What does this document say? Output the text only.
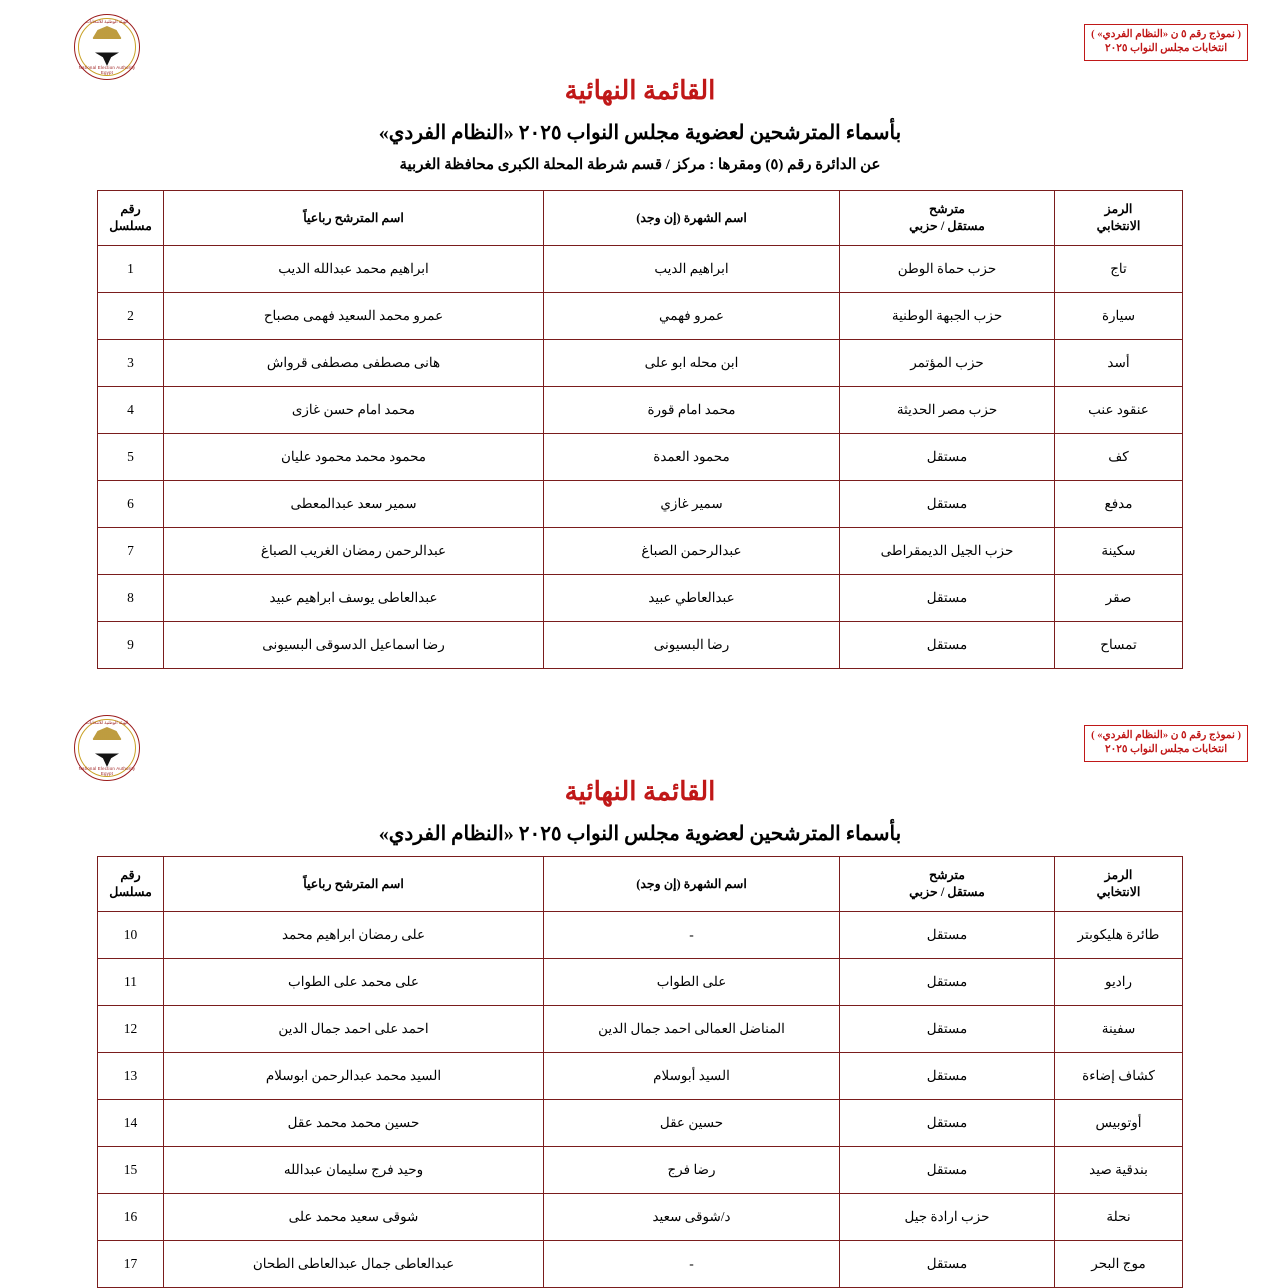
( نموذج رقم ٥ ن «النظام الفردي» )
انتخابات مجلس النواب ٢٠٢٥
الهيئة الوطنية للانتخابات
National Election Authority Egypt
القائمة النهائية
بأسماء المترشحين لعضوية مجلس النواب ٢٠٢٥ «النظام الفردي»
عن الدائرة رقم (٥) ومقرها : مركز / قسم شرطة المحلة الكبرى محافظة الغربية
الرمز
الانتخابي

مترشح
مستقل / حزبي
	اسم الشهرة (إن وجد)	اسم المترشح رباعياً	
رقم
مسلسل

تاج	حزب حماة الوطن	ابراهيم الديب	ابراهيم محمد عبدالله الديب	1
سيارة	حزب الجبهة الوطنية	عمرو فهمي	عمرو محمد السعيد فهمى مصباح	2
أسد	حزب المؤتمر	ابن محله ابو على	هانى مصطفى مصطفى قرواش	3
عنقود عنب	حزب مصر الحديثة	محمد امام قورة	محمد امام حسن غازى	4
كف	مستقل	محمود العمدة	محمود محمد محمود عليان	5
مدفع	مستقل	سمير غازي	سمير سعد عبدالمعطى	6
سكينة	حزب الجيل الديمقراطى	عبدالرحمن الصباغ	عبدالرحمن رمضان الغريب الصباغ	7
صقر	مستقل	عبدالعاطي عبيد	عبدالعاطى يوسف ابراهيم عبيد	8
تمساح	مستقل	رضا البسيونى	رضا اسماعيل الدسوقى البسيونى	9
( نموذج رقم ٥ ن «النظام الفردي» )
انتخابات مجلس النواب ٢٠٢٥
الهيئة الوطنية للانتخابات
National Election Authority Egypt
القائمة النهائية
بأسماء المترشحين لعضوية مجلس النواب ٢٠٢٥ «النظام الفردي»
الرمز
الانتخابي

مترشح
مستقل / حزبي
	اسم الشهرة (إن وجد)	اسم المترشح رباعياً	
رقم
مسلسل

طائرة هليكوبتر	مستقل	-	على رمضان ابراهيم محمد	10
راديو	مستقل	على الطواب	على محمد على الطواب	11
سفينة	مستقل	المناضل العمالى احمد جمال الدين	احمد على احمد جمال الدين	12
كشاف إضاءة	مستقل	السيد أبوسلام	السيد محمد عبدالرحمن ابوسلام	13
أوتوبيس	مستقل	حسين عقل	حسين محمد محمد عقل	14
بندقية صيد	مستقل	رضا فرج	وحيد فرج سليمان عبدالله	15
نحلة	حزب ارادة جيل	د/شوقى سعيد	شوقى سعيد محمد على	16
موج البحر	مستقل	-	عبدالعاطى جمال عبدالعاطى الطحان	17
